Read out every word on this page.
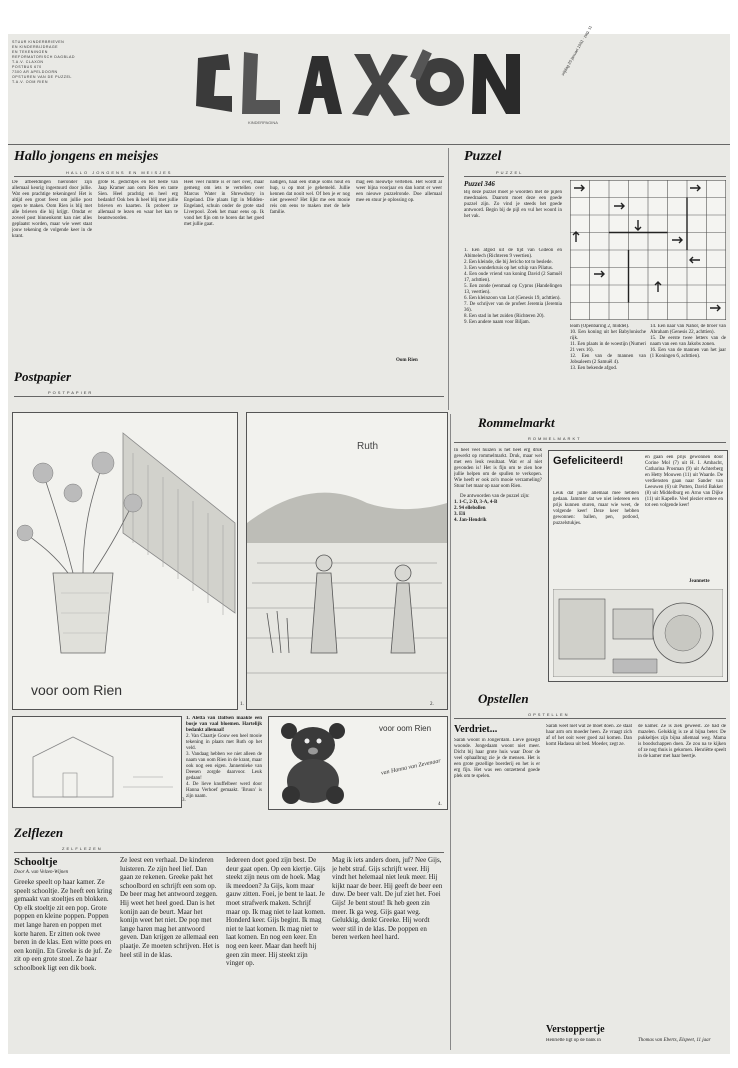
STUUR KINDERBRIEVEN
EN KINDERBIJDRAGE
EN TEKENINGEN
REFORMATORISCH DAGBLAD
T.A.V. CLAXON
POSTBUS 670
7300 AR APELDOORN
OPSTUREN VAN DE PUZZEL
T.A.V. OOM RIEN
KINDERPAGINA
vrijdag 25 januari 1992 · pag. 11
Hallo jongens en meisjes
HALLO JONGENS EN MEISJES

De afbeeldingen hieronder zijn allemaal keurig ingestuurd door jullie. Wat een prachtige tekeningen! Het is altijd een groot feest om jullie post open te maken. Oom Rien is blij met alle brieven die hij krijgt. Omdat er zoveel post binnenkomt kan niet alles geplaatst worden, maar wie weet staat jouw tekening de volgende keer in de krant.

grote R. gedichtjes en het beste van Jaap Kramer aan oom Rien en tante Sien. Heel prachtig en heel erg bedankt! Ook ben ik heel blij met jullie brieven en kaarten. Ik probeer ze allemaal te lezen en waar het kan te beantwoorden.

Heel veel ruimte is er niet over, maar gemeng om iets te vertellen over Marcus Water in Shrewsbury in Engeland. Die plaats ligt in Midden-Engeland, schuin onder de grote stad Liverpool. Zoek het maar eens op. Ik vond het fijn om te horen dat het goed met jullie gaat.

nadigen, haal een stukje soms hout en hup, u op mot je gehemeld. Jullie kennen dat nooit wel. Of ben je er nog niet geweest? Het lijkt me een mooie reis om eens te maken met de hele familie.

mag een nieuwtje vertellen. Het wordt al weer bijna voorjaar en dan komt er weer een nieuwe puzzelronde. Doe allemaal mee en stuur je oplossing op.

Oom Rien
Puzzel
PUZZEL
Puzzel 346

Bij deze puzzel moet je woorden met de pijlen meedraaien. Daarom moet deze een goede puzzel zijn. Zo vind je steeds het goede antwoord. Begin bij de pijl en vul het woord in het vak.

1. Een afgod uit de tijd van Gideon en Abimelech (Richteren 9 veertien).

2. Een kleinde, die bij Jericho tot to beslede.

3. Een wonderkruis op het schip van Pilatus.

4. Een oude vriend van koning David (2 Samuël 17, achttien).

5. Een zonde (eenmaal op Cyprus (Handelingen 13, veertien).

6. Een kleinzoon van Lot (Genesis 19, achttien).

7. De schrijver van de profeet Jeremia (Jeremia 36).

8. Een stad in het zuiden (Richteren 20).

9. Een andere naam voor Biljam.

leam (Openbaring 2, middel).

10. Een koning uit het Babylonische rijk.

11. Een plaats in de woestijn (Numeri 21 vers 16).

12. Een van de mannen van Jobsaleem (2 Samuël 4).

13. Een bekende afgod.

14. Een naar van Nahor, de broer van Abraham (Genesis 22, achttien).

15. De eerste twee letters van de naam van een van Jakobs zonen.

16. Een van de mannen van het jaar (1 Koningen 6, achttien).

Postpapier
POSTPAPIER
voor oom Rien
1.
Ruth
2.
3.

1. Aletta van Dalfsen maakte een bosje van vaal bloemen. Hartelijk bedankt allemaal!

2. Van Claartje Gouw een heel mooie tekening in plaats met Ruth op het veld.

3. Vandaag hebben we niet alleen de naam van oom Rien in de krant, maar ook nog een eigen. Jannemieke van Deesen zorgde daarvoor. Leuk gedaan!

4. De lieve knuffelbeer werd door Hanna Verhoef gemaakt. 'Bruun' is zijn naam.

voor oom Rien
van Hanna van Zevenaar
4.
Rommelmarkt
ROMMELMARKT

In heel veel huizen is het heel erg druk gewerkt op rommelmarkt. Druk, maar wel met een leuk resultaat. Wat er al niet gevonden is! Het is fijn om te zien hoe jullie helpen om de spullen te verkopen. Wie heeft er ook zo'n mooie verzameling? Stuur het maar op naar oom Rien.

De antwoorden van de puzzel zijn:

1. 1-C, 2-D, 3-A, 4-B

2. 94 ellebollen

3. Eli

4. Jan-Hendrik

Gefeliciteerd!

Leuk dat jullie allemaal mee hebben gedaan. Jammer dat we niet iedereen een prijs kunnen sturen, maar wie weet, de volgende keer! Deze keer hebben gewonnen: ballen, pen, potlood, puzzelstukjes.

en gaan een prijs gewonnen door Corine Mol (7) uit H. I. Ambacht, Catharina Prosman (9) uit Achterberg en Hetty Mouwen (11) uit Waarde. De verdiensten gaan naar Sander van Leeuwen (6) uit Putten, David Bakker (8) uit Middelburg en Arno van Dijke (11) uit Kapelle. Veel plezier ermee en tot een volgende keer!

Jeannette
Opstellen
OPSTELLEN
Verdriet...

Sarah woont in Jongerdam. Lieve gezegd woonde. Jongedaam woont niet meer. Dicht bij haar grote huis waar Door de veel ophaalbrug zie je de mensen. Het is een grote gezellige boerderij en het is er erg fijn. Het was een ontzettend goede plek om te spelen.

Sarah weet niet wat ze moet doen. Ze staat haar arm om moeder heen. Ze vraagt zich af of het ooit weer goed zal komen. Dan komt Hadassa uit bed. Moeder, zegt ze.

Verstoppertje

Henriëtte ligt op de bank in

de kamer. Ze is ziek geweest. Ze had de mazelen. Gelukkig is ze al bijna beter. De pukkeltjes zijn bijna allemaal weg. Mama is boodschappen doen. Ze zou na te kijken of ze nog thuis is gekomen. Henriëtte speelt in de kamer met haar beertje.

Thomas van Eberts, Elspeet, 11 jaar
Zelflezen
ZELFLEZEN
Schooltje
Door A. van Velzen-Wijnen

Greeke speelt op haar kamer. Ze speelt schooltje. Ze heeft een kring gemaakt van stoeltjes en blokken. Op elk stoeltje zit een pop. Grote poppen en kleine poppen. Poppen met lange haren en poppen met korte haren. Er zitten ook twee beren in de klas. Een witte poes en een konijn. En Greeke is de juf. Ze zit op een grote stoel. Ze haar schoolboek ligt een dik boek.

Ze leest een verhaal. De kinderen luisteren. Ze zijn heel lief. Dan gaan ze rekenen. Greeke pakt het schoolbord en schrijft een som op. De beer mag het antwoord zeggen. Hij weet het heel goed. Dan is het konijn aan de beurt. Maar het konijn weet het niet. De pop met lange haren mag het antwoord geven. Dan krijgen ze allemaal een plaatje. Ze moeten schrijven. Het is heel stil in de klas.

Iedereen doet goed zijn best. De deur gaat open. Op een kiertje. Gijs steekt zijn neus om de hoek. Mag ik meedoen? Ja Gijs, kom maar gauw zitten. Foei, je bent te laat. Je moet strafwerk maken. Schrijf maar op. Ik mag niet te laat komen. Honderd keer. Gijs begint. Ik mag niet te laat komen. Ik mag niet te laat komen. En nog een keer. En nog een keer. Maar dan heeft hij geen zin meer. Hij steekt zijn vinger op.

Mag ik iets anders doen, juf? Nee Gijs, je hebt straf. Gijs schrijft weer. Hij vindt het helemaal niet leuk meer. Hij kijkt naar de beer. Hij geeft de beer een duw. De beer valt. De juf ziet het. Foei Gijs! Je bent stout! Ik heb geen zin meer. Ik ga weg. Gijs gaat weg. Gelukkig, denkt Greeke. Hij wordt weer stil in de klas. De poppen en beren werken heel hard.
